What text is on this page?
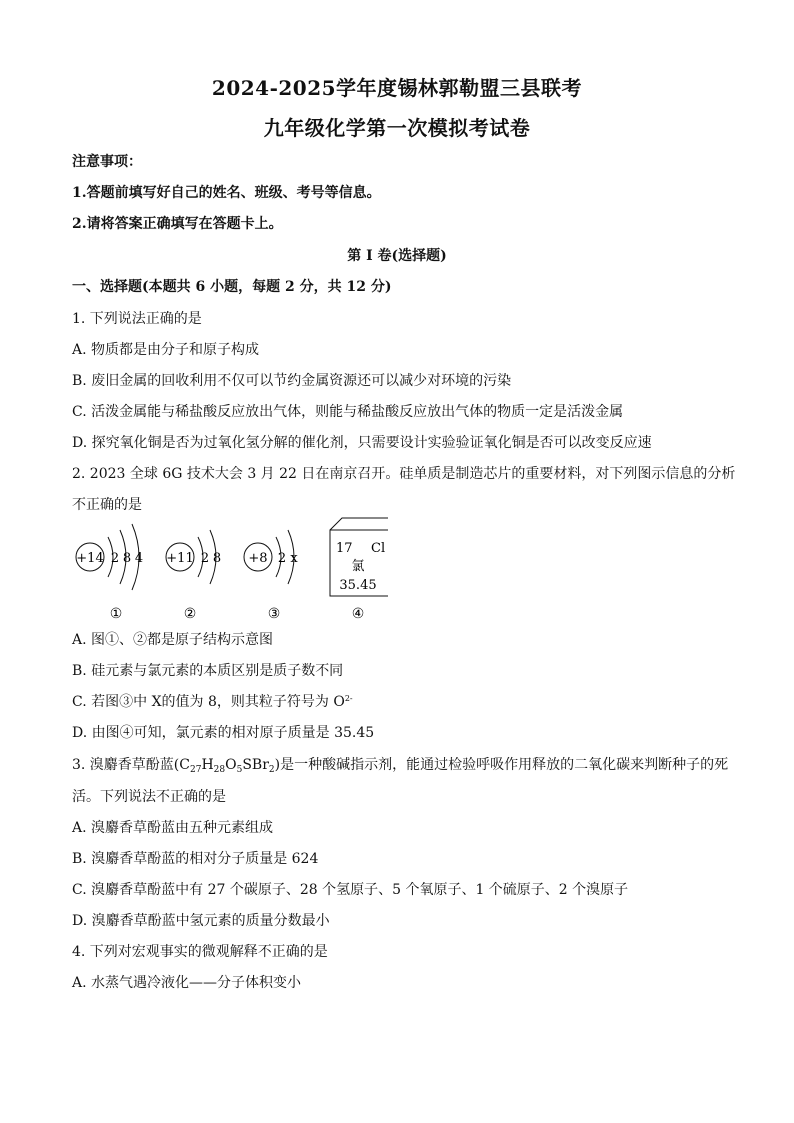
2024-2025学年度锡林郭勒盟三县联考
九年级化学第一次模拟考试卷
注意事项：
1.答题前填写好自己的姓名、班级、考号等信息。
2.请将答案正确填写在答题卡上。
第 I 卷(选择题)
一、选择题(本题共 6 小题，每题 2 分，共 12 分)
1. 下列说法正确的是
A. 物质都是由分子和原子构成
B. 废旧金属的回收利用不仅可以节约金属资源还可以减少对环境的污染
C. 活泼金属能与稀盐酸反应放出气体，则能与稀盐酸反应放出气体的物质一定是活泼金属
D. 探究氧化铜是否为过氧化氢分解的催化剂，只需要设计实验验证氧化铜是否可以改变反应速
2. 2023 全球 6G 技术大会 3 月 22 日在南京召开。硅单质是制造芯片的重要材料，对下列图示信息的分析
不正确的是
+14 2 8 4
①
+11 2 8
②
+8 2 x
③
17 Cl
氯
35.45
④
A. 图①、②都是原子结构示意图
B. 硅元素与氯元素的本质区别是质子数不同
C. 若图③中 X的值为 8，则其粒子符号为 $O^{2-}$
D. 由图④可知，氯元素的相对原子质量是 35.45
3. 溴麝香草酚蓝$(C_{27}H_{28}O_5SBr_2)$是一种酸碱指示剂，能通过检验呼吸作用释放的二氧化碳来判断种子的死
活。下列说法不正确的是
A. 溴麝香草酚蓝由五种元素组成
B. 溴麝香草酚蓝的相对分子质量是 624
C. 溴麝香草酚蓝中有 27 个碳原子、28 个氢原子、5 个氧原子、1 个硫原子、2 个溴原子
D. 溴麝香草酚蓝中氢元素的质量分数最小
4. 下列对宏观事实的微观解释不正确的是
A. 水蒸气遇冷液化——分子体积变小
